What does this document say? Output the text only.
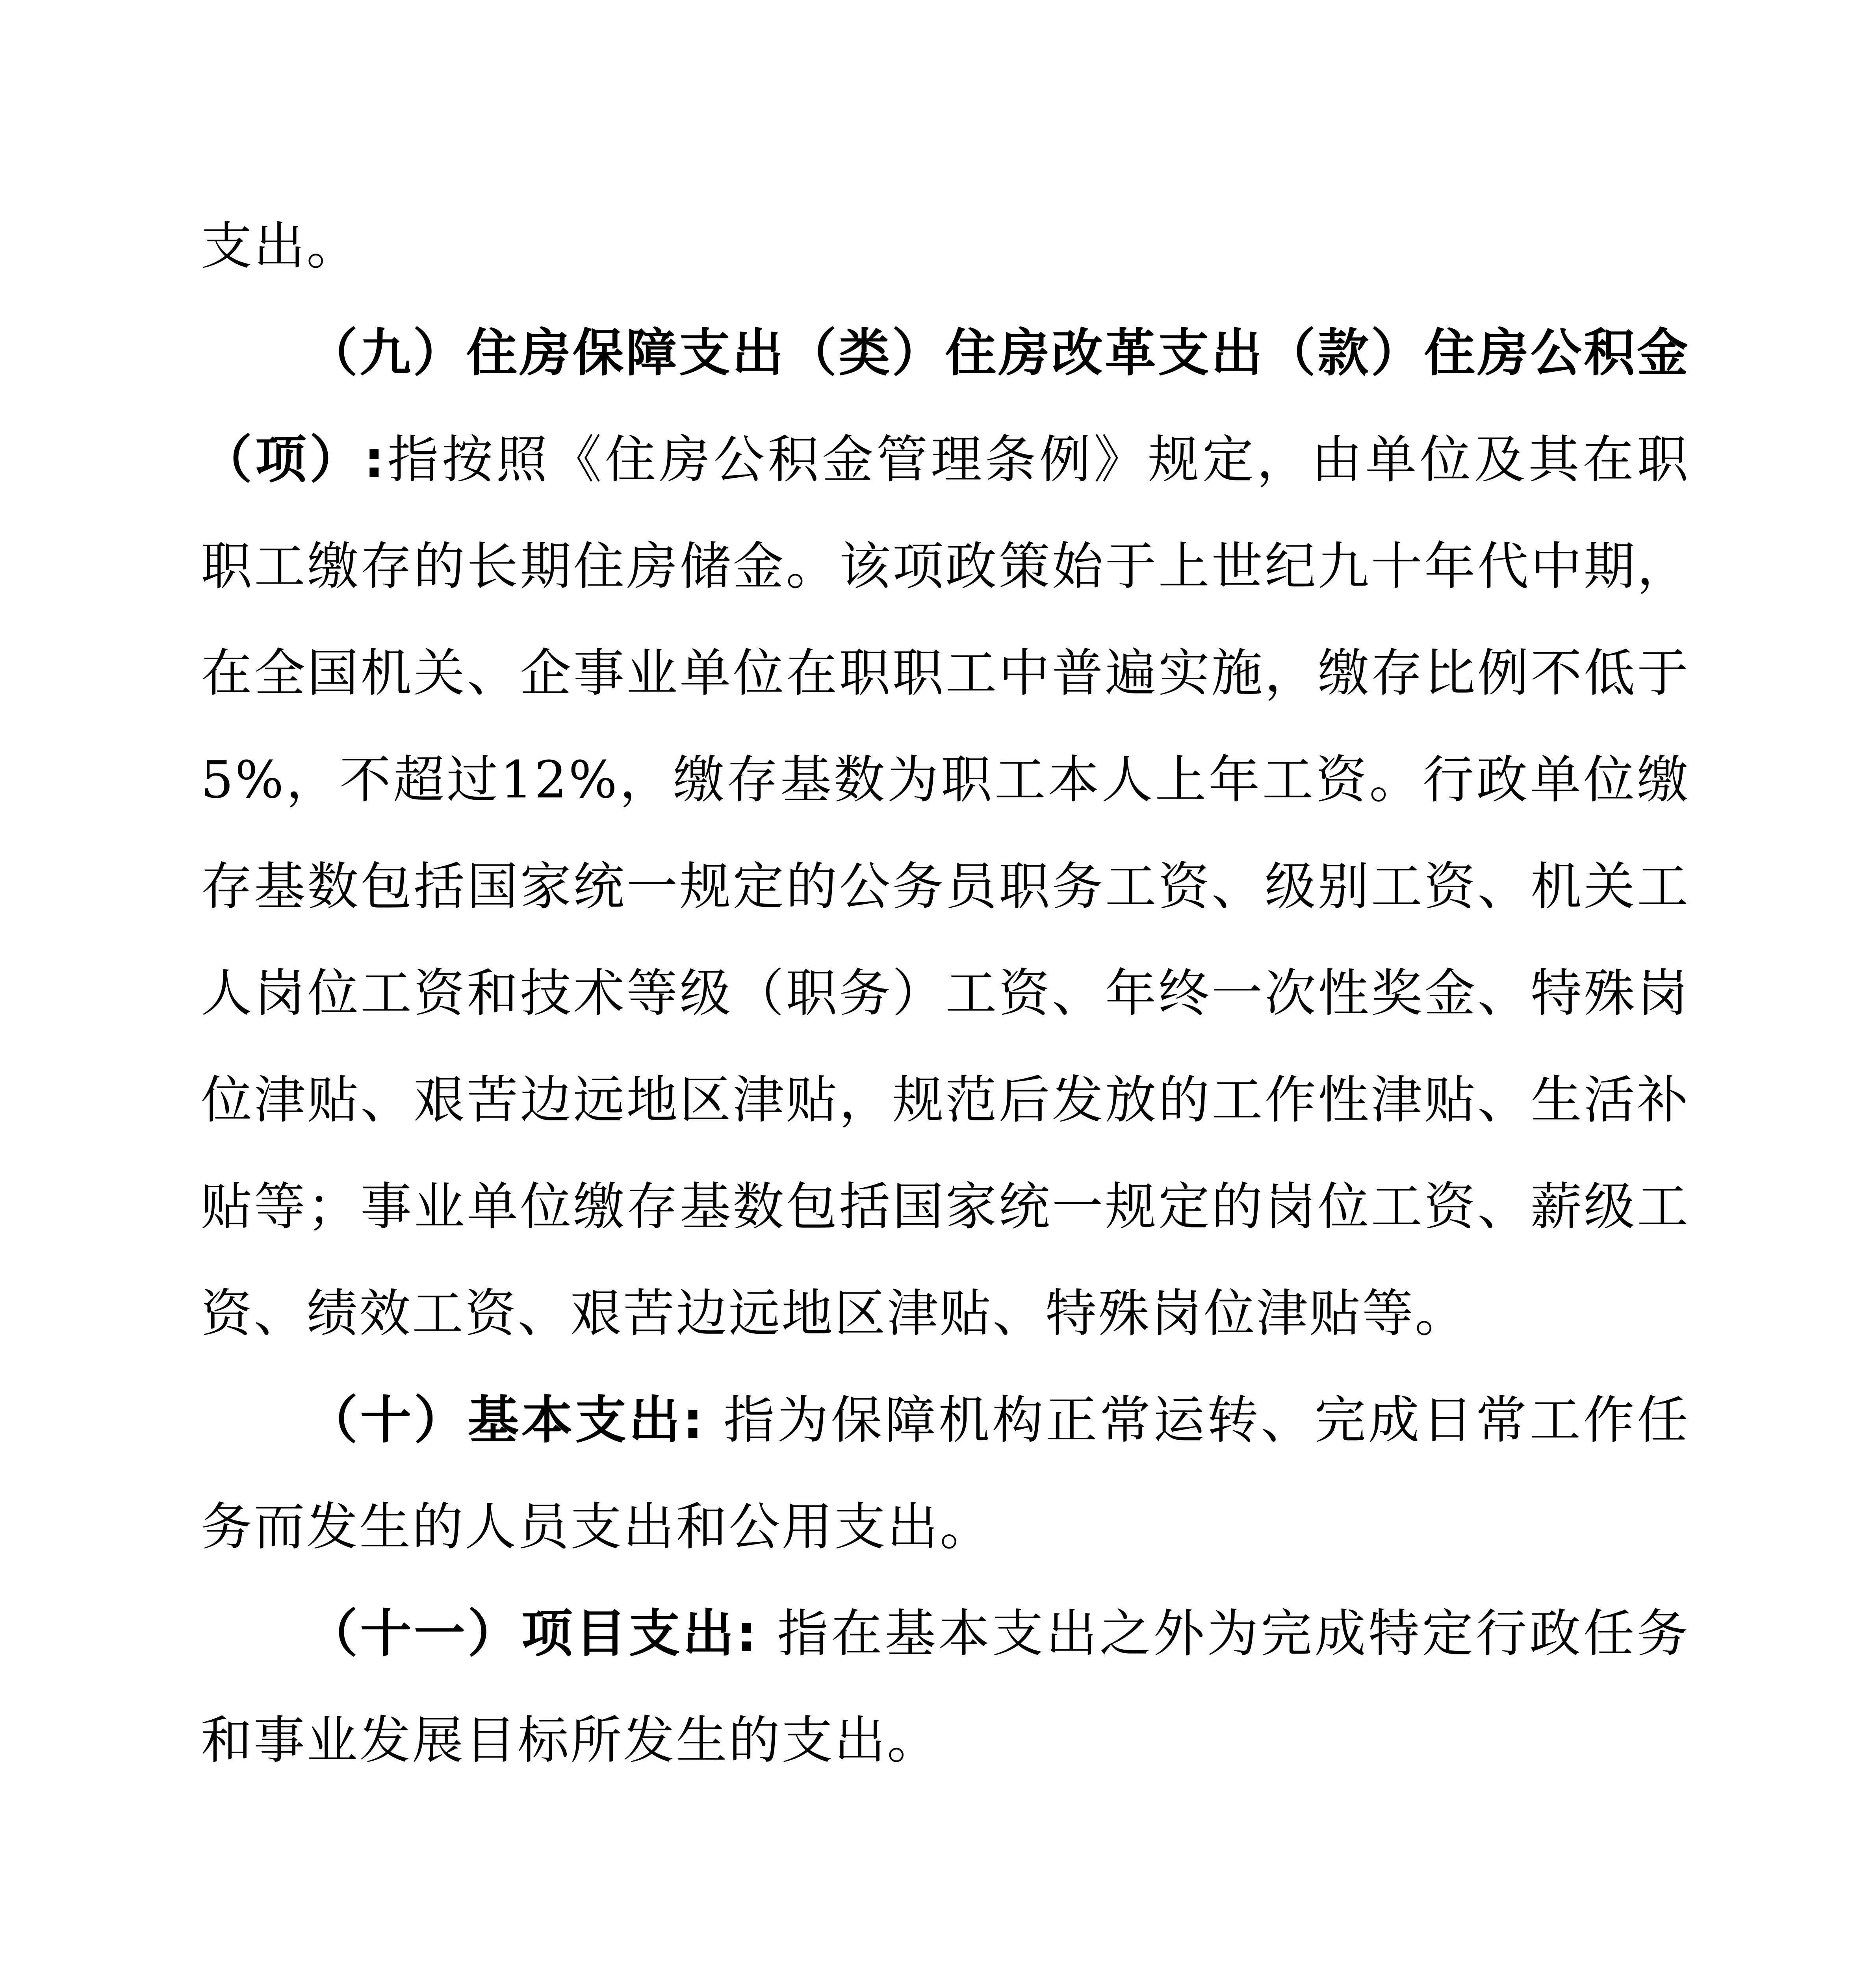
支出。

（九）住房保障支出（类）住房改革支出（款）住房公积金（项）:指按照《住房公积金管理条例》规定，由单位及其在职职工缴存的长期住房储金。该项政策始于上世纪九十年代中期，在全国机关、企事业单位在职职工中普遍实施，缴存比例不低于5%，不超过12%，缴存基数为职工本人上年工资。行政单位缴存基数包括国家统一规定的公务员职务工资、级别工资、机关工人岗位工资和技术等级（职务）工资、年终一次性奖金、特殊岗位津贴、艰苦边远地区津贴，规范后发放的工作性津贴、生活补贴等；事业单位缴存基数包括国家统一规定的岗位工资、薪级工资、绩效工资、艰苦边远地区津贴、特殊岗位津贴等。

（十）基本支出: 指为保障机构正常运转、完成日常工作任务而发生的人员支出和公用支出。

（十一）项目支出: 指在基本支出之外为完成特定行政任务和事业发展目标所发生的支出。
